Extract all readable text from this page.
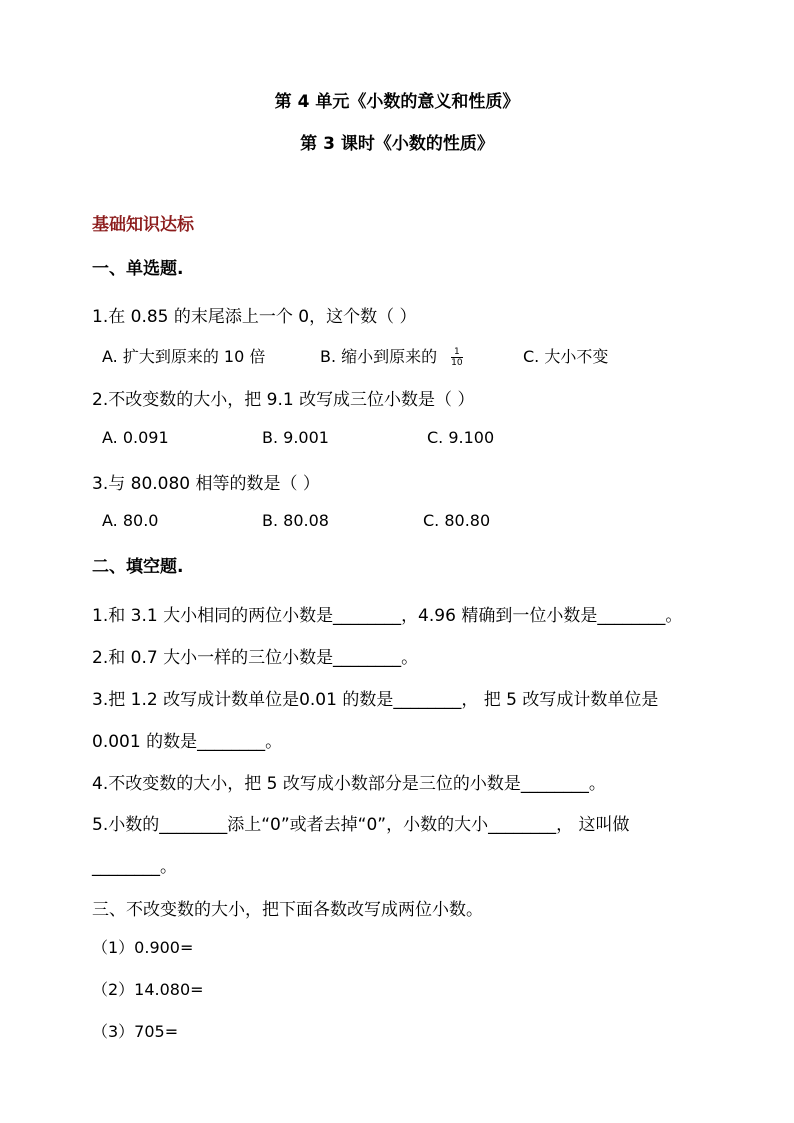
第 4 单元《小数的意义和性质》
第 3 课时《小数的性质》
基础知识达标
一、单选题.
1.在 0.85 的末尾添上一个 0，这个数（ ）
A. 扩大到原来的 10 倍	B. 缩小到原来的 $\frac{1}{10}$	C. 大小不变
2.不改变数的大小，把 9.1 改写成三位小数是（ ）
A. 0.091	B. 9.001	C. 9.100
3.与 80.080 相等的数是（ ）
A. 80.0	B. 80.08	C. 80.80
二、填空题.
1.和 3.1 大小相同的两位小数是________，4.96 精确到一位小数是________。
2.和 0.7 大小一样的三位小数是________。
3.把 1.2 改写成计数单位是0.01 的数是________， 把 5 改写成计数单位是
0.001 的数是________。
4.不改变数的大小，把 5 改写成小数部分是三位的小数是________。
5.小数的________添上“0”或者去掉“0”，小数的大小________， 这叫做
________。
三、不改变数的大小，把下面各数改写成两位小数。
（1）0.900=
（2）14.080=
（3）705=
